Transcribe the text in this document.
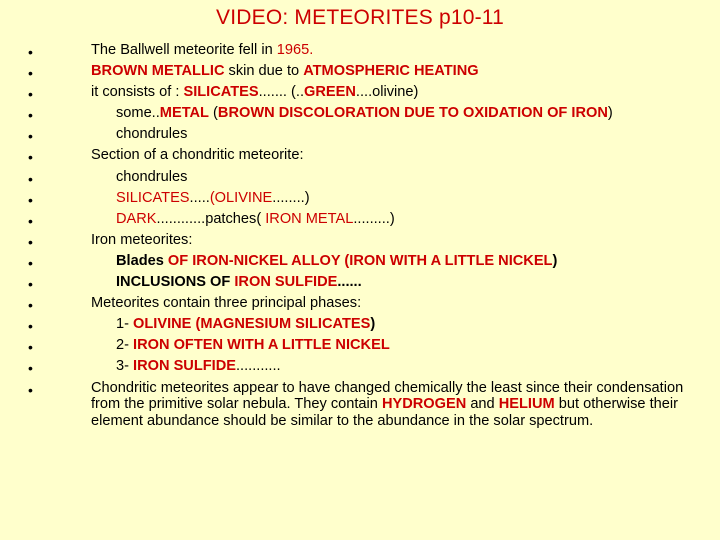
VIDEO: METEORITES p10-11
• The Ballwell meteorite fell in 1965.
• BROWN METALLIC skin due to ATMOSPHERIC HEATING
• it consists of : SILICATES....... (..GREEN....olivine)
• some..METAL (BROWN DISCOLORATION DUE TO OXIDATION OF IRON)
• chondrules
• Section of a chondritic meteorite:
• chondrules
• SILICATES.....(OLIVINE........)
• DARK............patches( IRON METAL.........)
• Iron meteorites:
• Blades OF IRON-NICKEL ALLOY (IRON WITH A LITTLE NICKEL)
• INCLUSIONS OF IRON SULFIDE......
• Meteorites contain three principal phases:
• 1- OLIVINE (MAGNESIUM SILICATES)
• 2- IRON OFTEN WITH A LITTLE NICKEL
• 3- IRON SULFIDE...........
• Chondritic meteorites appear to have changed chemically the least since their condensation from the primitive solar nebula. They contain HYDROGEN and HELIUM but otherwise their element abundance should be similar to the abundance in the solar spectrum.
